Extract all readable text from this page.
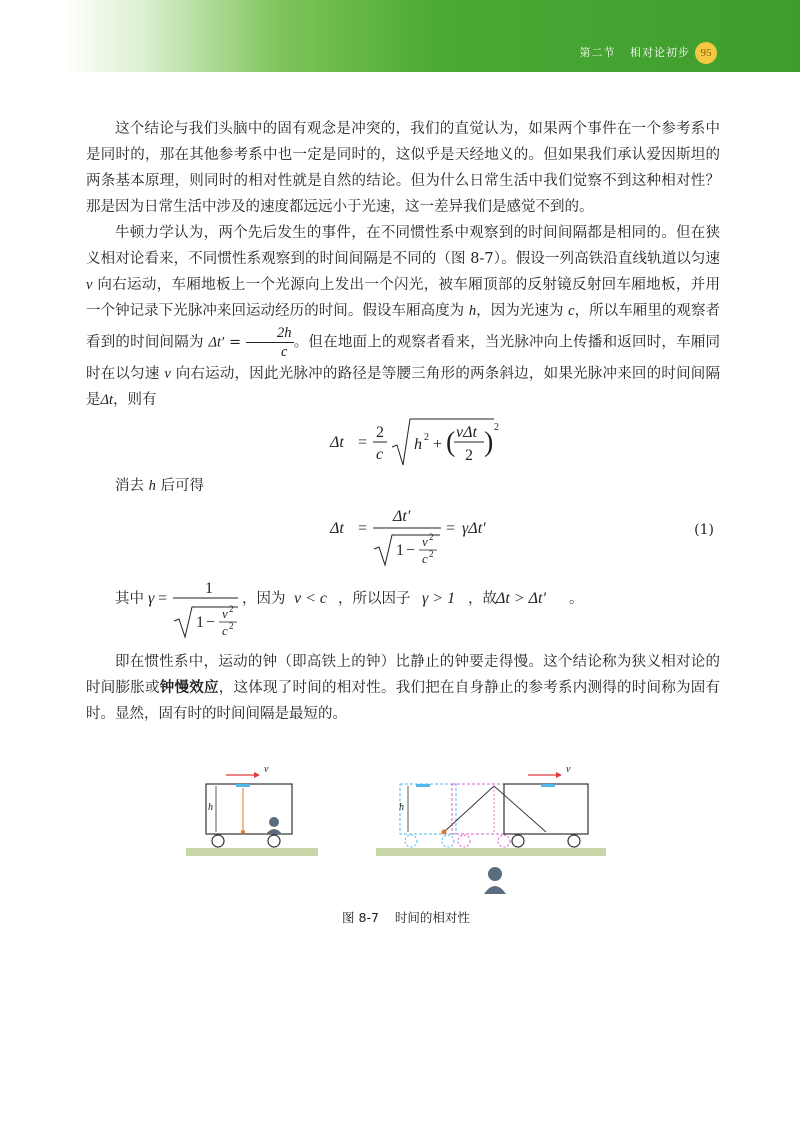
第二节 相对论初步 95

这个结论与我们头脑中的固有观念是冲突的，我们的直觉认为，如果两个事件在一个参考系中是同时的，那在其他参考系中也一定是同时的，这似乎是天经地义的。但如果我们承认爱因斯坦的两条基本原理，则同时的相对性就是自然的结论。但为什么日常生活中我们觉察不到这种相对性？那是因为日常生活中涉及的速度都远远小于光速，这一差异我们是感觉不到的。

牛顿力学认为，两个先后发生的事件，在不同惯性系中观察到的时间间隔都是相同的。但在狭义相对论看来，不同惯性系观察到的时间间隔是不同的（图 8-7）。假设一列高铁沿直线轨道以匀速 v 向右运动，车厢地板上一个光源向上发出一个闪光，被车厢顶部的反射镜反射回车厢地板，并用一个钟记录下光脉冲来回运动经历的时间。假设车厢高度为 h，因为光速为 c，所以车厢里的观察者看到的时间间隔为 $\Delta t' = \frac{2h}{c}$ 。但在地面上的观察者看来，当光脉冲向上传播和返回时，车厢同时在以匀速 v 向右运动，因此光脉冲的路径是等腰三角形的两条斜边，如果光脉冲来回的时间间隔是Δt，则有

Δt =
2
c
h 2 + ( vΔt
2 ) 2

消去 h 后可得

Δt =
Δt′
1 −
v 2
c 2
= γΔt′	(1)
其中 γ =
1
1 −
v 2
c 2
，因为 v < c ，所以因子 γ > 1 ，故 Δt > Δt′ 。

即在惯性系中，运动的钟（即高铁上的钟）比静止的钟要走得慢。这个结论称为狭义相对论的时间膨胀或钟慢效应，这体现了时间的相对性。我们把在自身静止的参考系内测得的时间称为固有时。显然，固有时的时间间隔是最短的。

h
v
h
v
图 8-7 时间的相对性
